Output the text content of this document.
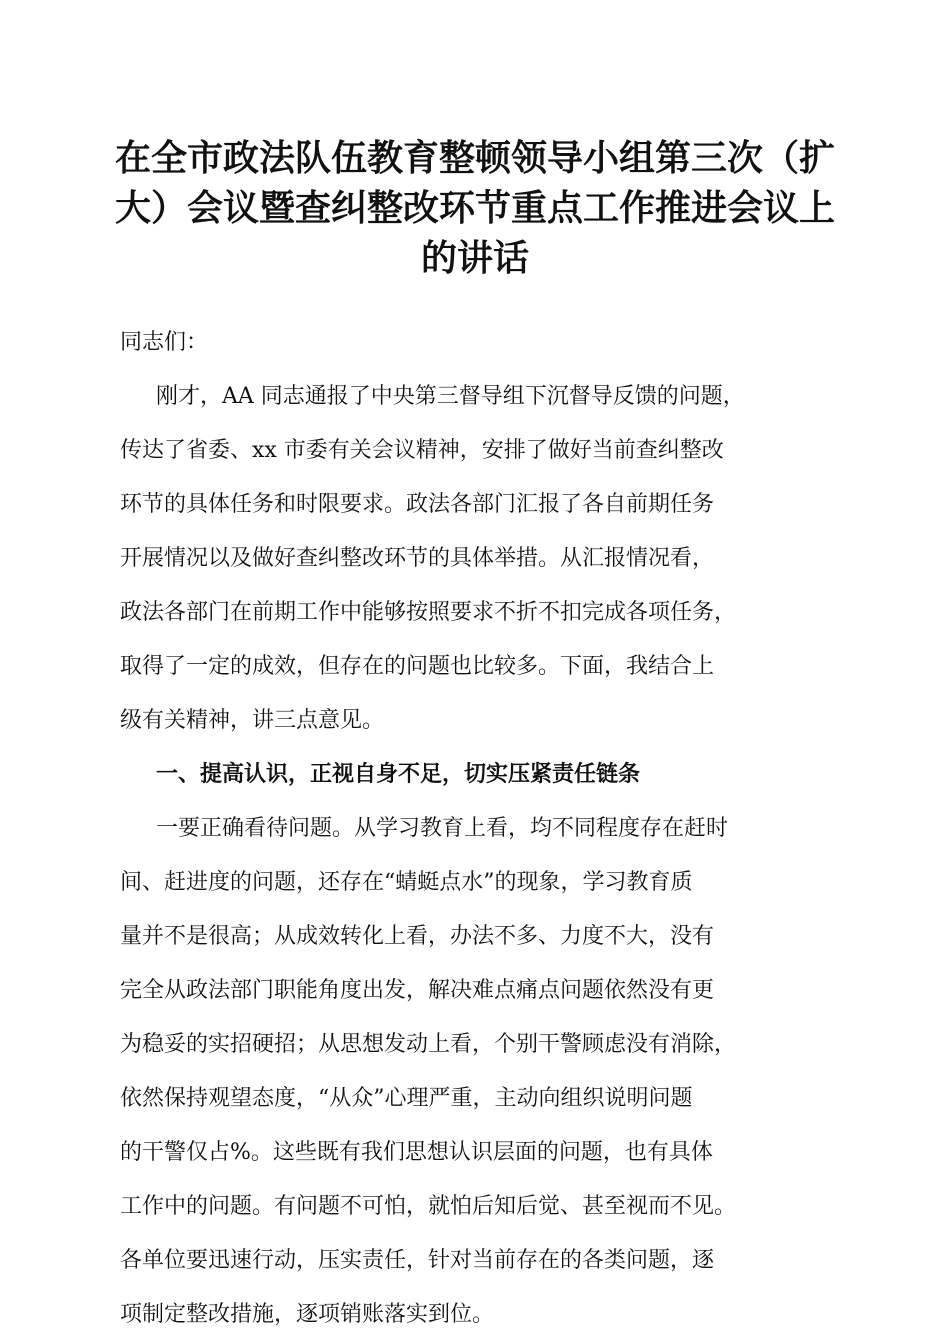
在全市政法队伍教育整顿领导小组第三次（扩
大）会议暨查纠整改环节重点工作推进会议上
的讲话
同志们：
刚才，AA 同志通报了中央第三督导组下沉督导反馈的问题，
传达了省委、xx 市委有关会议精神，安排了做好当前查纠整改
环节的具体任务和时限要求。政法各部门汇报了各自前期任务
开展情况以及做好查纠整改环节的具体举措。从汇报情况看，
政法各部门在前期工作中能够按照要求不折不扣完成各项任务，
取得了一定的成效，但存在的问题也比较多。下面，我结合上
级有关精神，讲三点意见。
一、提高认识，正视自身不足，切实压紧责任链条
一要正确看待问题。从学习教育上看，均不同程度存在赶时
间、赶进度的问题，还存在“蜻蜓点水”的现象，学习教育质
量并不是很高；从成效转化上看，办法不多、力度不大，没有
完全从政法部门职能角度出发，解决难点痛点问题依然没有更
为稳妥的实招硬招；从思想发动上看，个别干警顾虑没有消除，
依然保持观望态度，“从众”心理严重，主动向组织说明问题
的干警仅占%。这些既有我们思想认识层面的问题，也有具体
工作中的问题。有问题不可怕，就怕后知后觉、甚至视而不见。
各单位要迅速行动，压实责任，针对当前存在的各类问题，逐
项制定整改措施，逐项销账落实到位。
